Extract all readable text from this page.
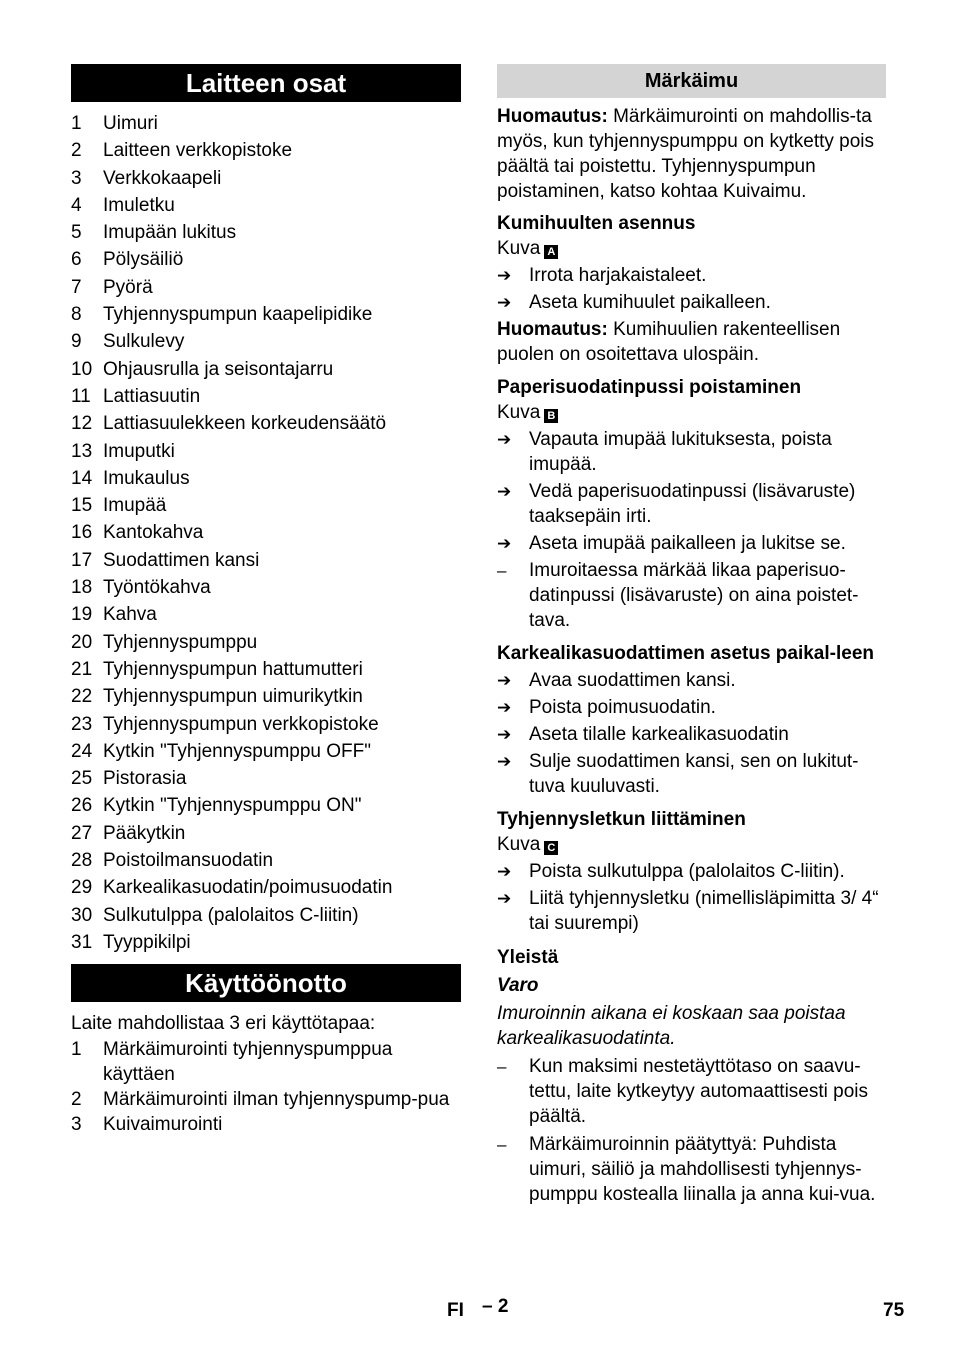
Laitteen osat
1	Uimuri
2	Laitteen verkkopistoke
3	Verkkokaapeli
4	Imuletku
5	Imupään lukitus
6	Pölysäiliö
7	Pyörä
8	Tyhjennyspumpun kaapelipidike
9	Sulkulevy
10 Ohjausrulla ja seisontajarru
11 Lattiasuutin
12 Lattiasuulekkeen korkeudensäätö
13 Imuputki
14 Imukaulus
15 Imupää
16 Kantokahva
17 Suodattimen kansi
18 Työntökahva
19 Kahva
20 Tyhjennyspumppu
21 Tyhjennyspumpun hattumutteri
22 Tyhjennyspumpun uimurikytkin
23 Tyhjennyspumpun verkkopistoke
24 Kytkin "Tyhjennyspumppu OFF"
25 Pistorasia
26 Kytkin "Tyhjennyspumppu ON"
27 Pääkytkin
28 Poistoilmansuodatin
29 Karkealikasuodatin/poimusuodatin
30 Sulkutulppa (palolaitos C-liitin)
31 Tyyppikilpi
Käyttöönotto

Laite mahdollistaa 3 eri käyttötapaa:

1	Märkäimurointi tyhjennyspumppua käyttäen
2	Märkäimurointi ilman tyhjennyspump-pua
3	Kuivaimurointi
Märkäimu

Huomautus: Märkäimurointi on mahdollis-ta myös, kun tyhjennyspumppu on kytketty pois päältä tai poistettu. Tyhjennyspumpun poistaminen, katso kohtaa Kuivaimu.

Kumihuulten asennus

Kuva A

➔ Irrota harjakaistaleet.
➔ Aseta kumihuulet paikalleen.

Huomautus: Kumihuulien rakenteellisen puolen on osoitettava ulospäin.

Paperisuodatinpussi poistaminen

Kuva B

➔ Vapauta imupää lukituksesta, poista imupää.
➔ Vedä paperisuodatinpussi (lisävaruste) taaksepäin irti.
➔ Aseta imupää paikalleen ja lukitse se.
–	Imuroitaessa märkää likaa paperisuo-datinpussi (lisävaruste) on aina poistet-tava.

Karkealikasuodattimen asetus paikal-leen

➔ Avaa suodattimen kansi.
➔ Poista poimusuodatin.
➔ Aseta tilalle karkealikasuodatin
➔ Sulje suodattimen kansi, sen on lukitut-tuva kuuluvasti.

Tyhjennysletkun liittäminen

Kuva C

➔ Poista sulkutulppa (palolaitos C-liitin).
➔ Liitä tyhjennysletku (nimellisläpimitta 3/ 4“ tai suurempi)

Yleistä

Varo

Imuroinnin aikana ei koskaan saa poistaa karkealikasuodatinta.

–	Kun maksimi nestetäyttötaso on saavu-tettu, laite kytkeytyy automaattisesti pois päältä.
–	Märkäimuroinnin päätyttyä: Puhdista uimuri, säiliö ja mahdollisesti tyhjennys-pumppu kostealla liinalla ja anna kui-vua.
FI – 2	75
